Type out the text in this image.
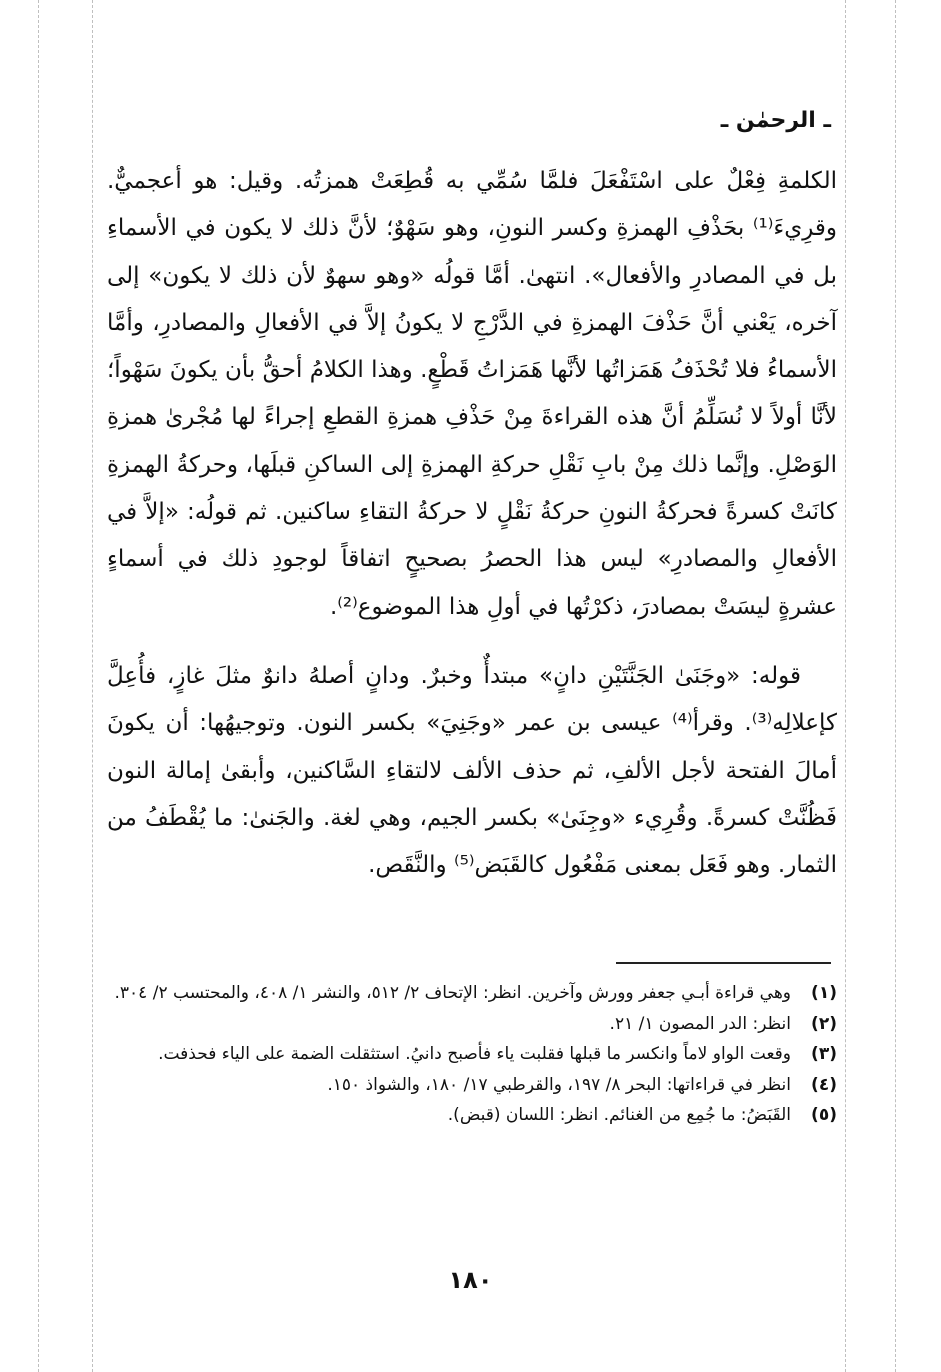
ـ الرحمٰن ـ

الكلمةِ فِعْلٌ على اسْتَفْعَلَ فلمَّا سُمِّي به قُطِعَتْ همزتُه. وقيل: هو أعجميٌّ. وقرِيءَ⁽¹⁾ بحَذْفِ الهمزةِ وكسر النونِ، وهو سَهْوٌ؛ لأنَّ ذلك لا يكون في الأسماءِ بل في المصادرِ والأفعال». انتهىٰ. أمَّا قولُه «وهو سهوٌ لأن ذلك لا يكون» إلى آخره، يَعْني أنَّ حَذْفَ الهمزةِ في الدَّرْجِ لا يكونُ إلاَّ في الأفعالِ والمصادرِ، وأمَّا الأسماءُ فلا تُحْذَفُ هَمَزاتُها لأنَّها هَمَزاتُ قَطْعٍ. وهذا الكلامُ أحقُّ بأن يكونَ سَهْواً؛ لأنَّا أولاً لا نُسَلِّمُ أنَّ هذه القراءةَ مِنْ حَذْفِ همزةِ القطعِ إجراءً لها مُجْرىٰ همزةِ الوَصْلِ. وإنَّما ذلك مِنْ بابِ نَقْلِ حركةِ الهمزةِ إلى الساكنِ قبلَها، وحركةُ الهمزةِ كانَتْ كسرةً فحركةُ النونِ حركةُ نَقْلٍ لا حركةُ التقاءِ ساكنين. ثم قولُه: «إلاَّ في الأفعالِ والمصادرِ» ليس هذا الحصرُ بصحيحٍ اتفاقاً لوجودِ ذلك في أسماءٍ عشرةٍ ليسَتْ بمصادرَ، ذكرْتُها في أولِ هذا الموضوع⁽²⁾.

قوله: «وجَنَىٰ الجَنَّتَيْنِ دانٍ» مبتدأٌ وخبرٌ. ودانٍ أصلهُ دانوٌ مثلَ غازٍ، فأُعِلَّ كإعلالِه⁽³⁾. وقرأ⁽⁴⁾ عيسى بن عمر «وجَنِيَ» بكسر النون. وتوجيهُها: أن يكونَ أمالَ الفتحة لأجل الألفِ، ثم حذف الألف لالتقاءِ السَّاكنين، وأبقىٰ إمالة النون فَظُنَّتْ كسرةً. وقُرِيء «وجِنَىٰ» بكسر الجيم، وهي لغة. والجَنىٰ: ما يُقْطَفُ من الثمار. وهو فَعَل بمعنى مَفْعُول كالقَبَض⁽⁵⁾ والنَّقَص.

(١)
وهي قراءة أبـي جعفر وورش وآخرين. انظر: الإتحاف ٢/ ٥١٢، والنشر ١/ ٤٠٨، والمحتسب ٢/ ٣٠٤.
(٢)
انظر: الدر المصون ١/ ٢١.
(٣)
وقعت الواو لاماً وانكسر ما قبلها فقلبت ياء فأصبح دانيُ. استثقلت الضمة على الياء فحذفت.
(٤)
انظر في قراءاتها: البحر ٨/ ١٩٧، والقرطبي ١٧/ ١٨٠، والشواذ ١٥٠.
(٥)
القَبَضُ: ما جُمِع من الغنائم. انظر: اللسان (قبض).
١٨٠
